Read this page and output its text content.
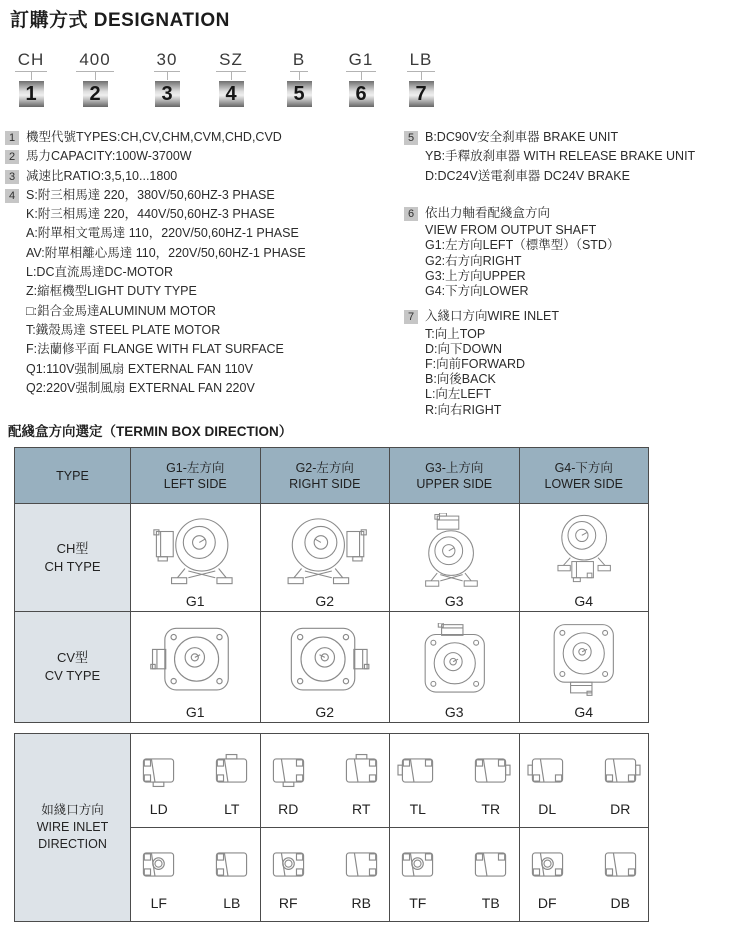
訂購方式 DESIGNATION
CH
1
400
2
30
3
SZ
4
B
5
G1
6
LB
7
1 機型代號TYPES:CH,CV,CHM,CVM,CHD,CVD
2 馬力CAPACITY:100W-3700W
3 减速比RATIO:3,5,10...1800
4 S:附三相馬達 220，380V/50,60HZ-3 PHASE
K:附三相馬達 220，440V/50,60HZ-3 PHASE
A:附單相文電馬達 110，220V/50,60HZ-1 PHASE
AV:附單相離心馬達 110，220V/50,60HZ-1 PHASE
L:DC直流馬達DC-MOTOR
Z:縮框機型LIGHT DUTY TYPE
□:鋁合金馬達ALUMINUM MOTOR
T:鐵殼馬達 STEEL PLATE MOTOR
F:法蘭修平面 FLANGE WITH FLAT SURFACE
Q1:110V强制風扇 EXTERNAL FAN 110V
Q2:220V强制風扇 EXTERNAL FAN 220V
5 B:DC90V安全刹車器 BRAKE UNIT
YB:手釋放刹車器 WITH RELEASE BRAKE UNIT
D:DC24V送電刹車器 DC24V BRAKE
6 依出力軸看配綫盒方向
VIEW FROM OUTPUT SHAFT
G1:左方向LEFT（標準型）（STD）
G2:右方向RIGHT
G3:上方向UPPER
G4:下方向LOWER
7 入綫口方向WIRE INLET
T:向上TOP
D:向下DOWN
F:向前FORWARD
B:向後BACK
L:向左LEFT
R:向右RIGHT
配綫盒方向選定（TERMIN BOX DIRECTION）
TYPE	
G1-左方向
LEFT SIDE

G2-左方向
RIGHT SIDE

G3-上方向
UPPER SIDE

G4-下方向
LOWER SIDE

CH型
CH TYPE	G1	G2	G3	G4

CV型
CV TYPE	G1	G2	G3	G4
如綫口方向
WIRE INLET
DIRECTION

LD	LT	RD	RT	TL	TR	DL	DR

LF	LB	RF	RB	TF	TB	DF	DB
